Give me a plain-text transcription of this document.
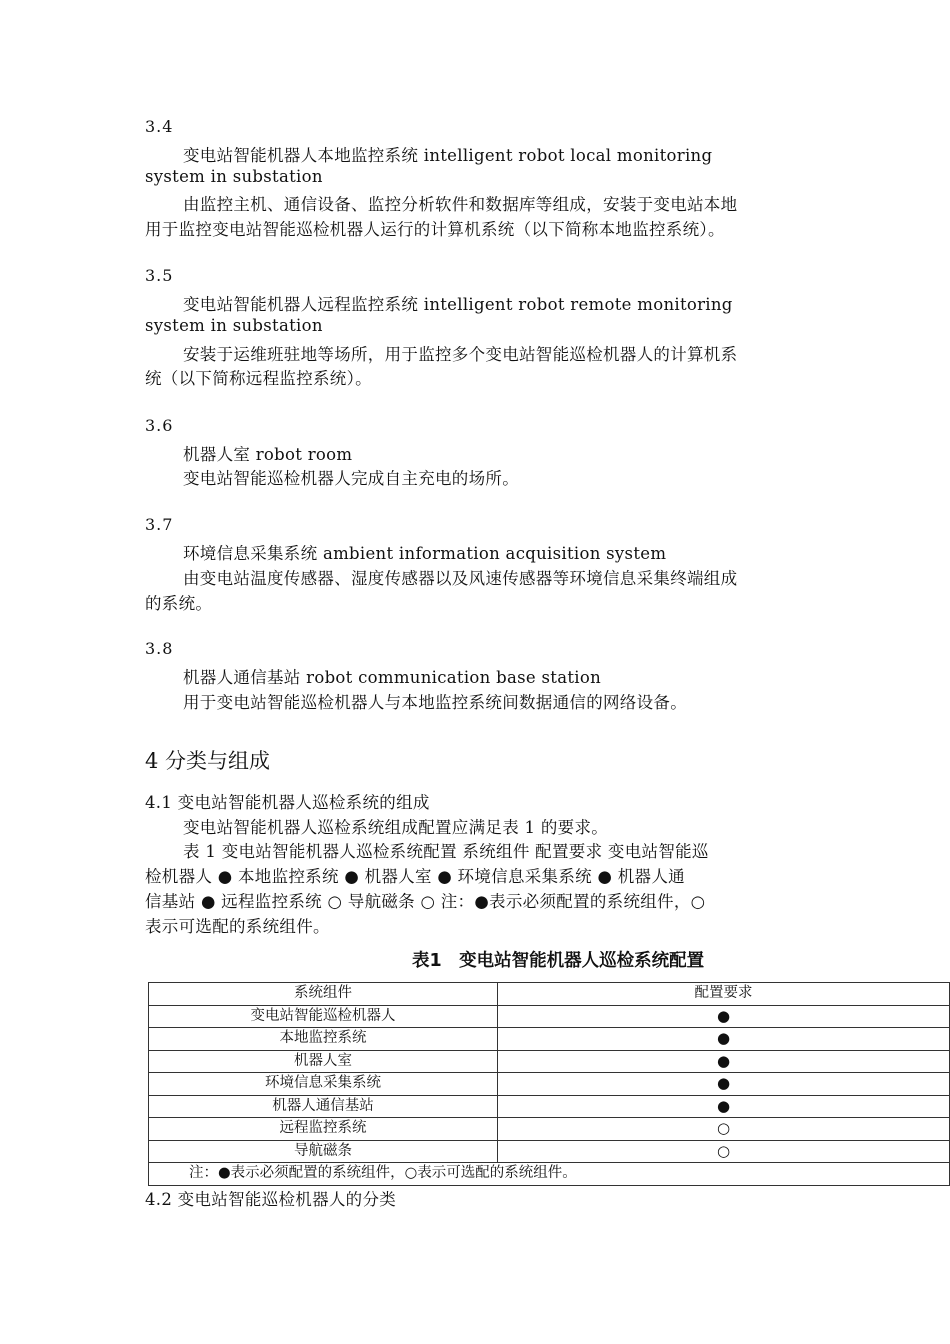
3.4
变电站智能机器人本地监控系统 intelligent robot local monitoring
system in substation
由监控主机、通信设备、监控分析软件和数据库等组成，安装于变电站本地
用于监控变电站智能巡检机器人运行的计算机系统（以下简称本地监控系统）。
3.5
变电站智能机器人远程监控系统 intelligent robot remote monitoring
system in substation
安装于运维班驻地等场所，用于监控多个变电站智能巡检机器人的计算机系
统（以下简称远程监控系统）。
3.6
机器人室 robot room
变电站智能巡检机器人完成自主充电的场所。
3.7
环境信息采集系统 ambient information acquisition system
由变电站温度传感器、湿度传感器以及风速传感器等环境信息采集终端组成
的系统。
3.8
机器人通信基站 robot communication base station
用于变电站智能巡检机器人与本地监控系统间数据通信的网络设备。
4 分类与组成
4.1 变电站智能机器人巡检系统的组成
变电站智能机器人巡检系统组成配置应满足表 1 的要求。
表 1 变电站智能机器人巡检系统配置 系统组件 配置要求 变电站智能巡
检机器人 ● 本地监控系统 ● 机器人室 ● 环境信息采集系统 ● 机器人通
信基站 ● 远程监控系统 ○ 导航磁条 ○ 注：●表示必须配置的系统组件，○
表示可选配的系统组件。
表1　变电站智能机器人巡检系统配置
系统组件	配置要求
变电站智能巡检机器人	●
本地监控系统	●
机器人室	●
环境信息采集系统	●
机器人通信基站	●
远程监控系统	○
导航磁条	○
注：●表示必须配置的系统组件，○表示可选配的系统组件。	
4.2 变电站智能巡检机器人的分类
